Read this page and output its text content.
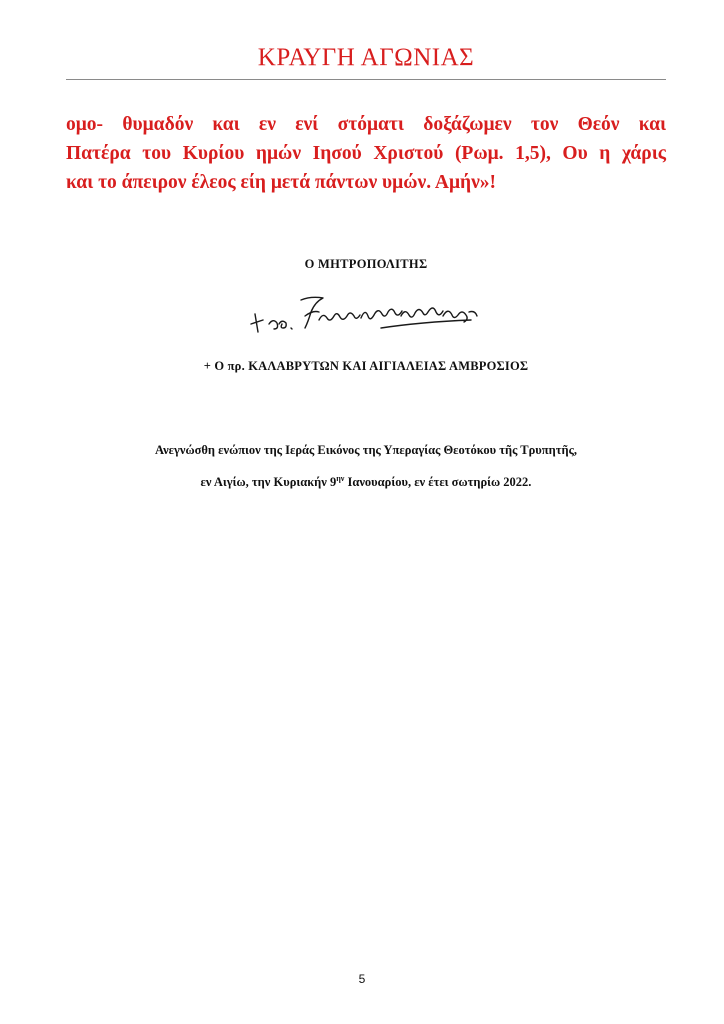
ΚΡΑΥΓΗ ΑΓΩΝΙΑΣ

ομο- θυμαδόν και εν ενί στόματι δοξάζωμεν τον Θεόν και
Πατέρα του Κυρίου ημών Ιησού Χριστού (Ρωμ. 1,5), Ου η χάρις
και το άπειρον έλεος είη μετά πάντων υμών. Αμήν»!

Ο ΜΗΤΡΟΠΟΛΙΤΗΣ
+ Ο πρ. ΚΑΛΑΒΡΥΤΩΝ ΚΑΙ ΑΙΓΙΑΛΕΙΑΣ ΑΜΒΡΟΣΙΟΣ
Ανεγνώσθη ενώπιον της Ιεράς Εικόνος της Υπεραγίας Θεοτόκου τῆς Τρυπητῆς,
εν Αιγίω, την Κυριακήν $9^{\eta\nu}$ Ιανουαρίου, εν έτει σωτηρίω 2022.
5
